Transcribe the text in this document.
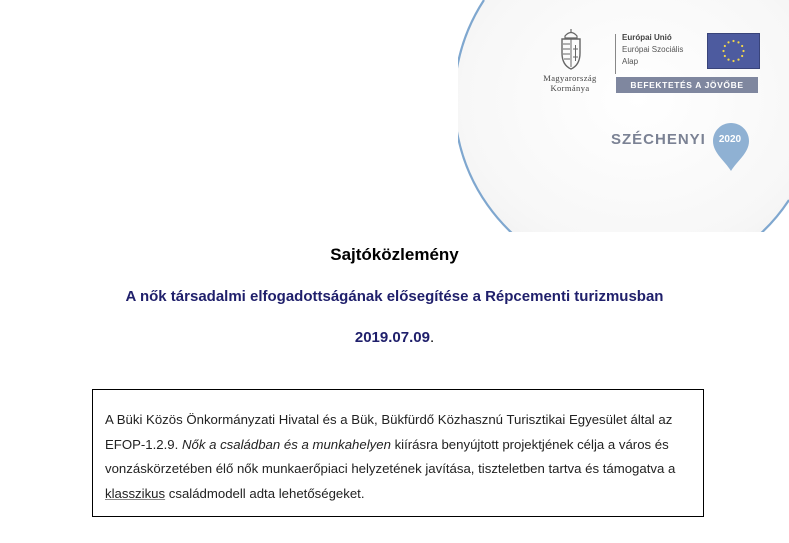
Magyarország
Kormánya
Európai Unió
Európai Szociális
Alap
BEFEKTETÉS A JÖVŐBE
SZÉCHENYI	2020
Sajtóközlemény
A nők társadalmi elfogadottságának elősegítése a Répcementi turizmusban
2019.07.09.
A Büki Közös Önkormányzati Hivatal és a Bük, Bükfürdő Közhasznú Turisztikai Egyesület által az EFOP-1.2.9. Nők a családban és a munkahelyen kiírásra benyújtott projektjének célja a város és vonzáskörzetében élő nők munkaerőpiaci helyzetének javítása, tiszteletben tartva és támogatva a klasszikus családmodell adta lehetőségeket.
